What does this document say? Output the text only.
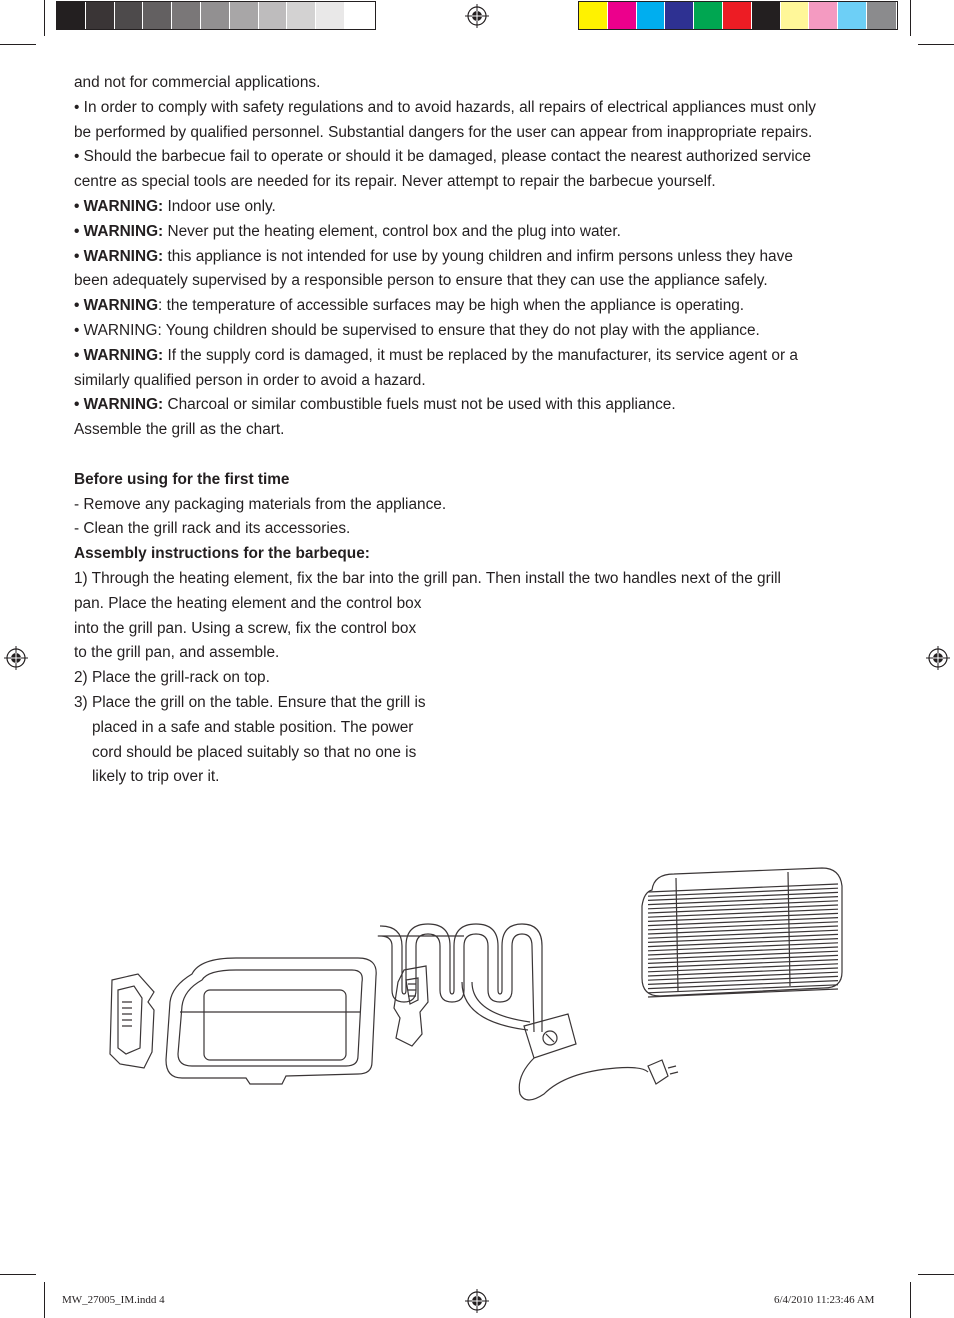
and not for commercial applications.

• In order to comply with safety regulations and to avoid hazards, all repairs of electrical appliances must only

be performed by qualified personnel. Substantial dangers for the user can appear from inappropriate repairs.

• Should the barbecue fail to operate or should it be damaged, please contact the nearest authorized service

centre as special tools are needed for its repair. Never attempt to repair the barbecue yourself.

• WARNING: Indoor use only.

• WARNING: Never put the heating element, control box and the plug into water.

• WARNING: this appliance is not intended for use by young children and infirm persons unless they have

been adequately supervised by a responsible person to ensure that they can use the appliance safely.

• WARNING: the temperature of accessible surfaces may be high when the appliance is operating.

• WARNING: Young children should be supervised to ensure that they do not play with the appliance.

• WARNING: If the supply cord is damaged, it must be replaced by the manufacturer, its service agent or a

similarly qualified person in order to avoid a hazard.

• WARNING: Charcoal or similar combustible fuels must not be used with this appliance.

Assemble the grill as the chart.

Before using for the first time

- Remove any packaging materials from the appliance.

- Clean the grill rack and its accessories.

Assembly instructions for the barbeque:

1) Through the heating element, fix the bar into the grill pan. Then install the two handles next of the grill

pan. Place the heating element and the control box

into the grill pan. Using a screw, fix the control box

to the grill pan, and assemble.

2) Place the grill-rack on top.

3) Place the grill on the table. Ensure that the grill is

placed in a safe and stable position. The power

cord should be placed suitably so that no one is

likely to trip over it.

MW_27005_IM.indd 4	6/4/2010 11:23:46 AM
